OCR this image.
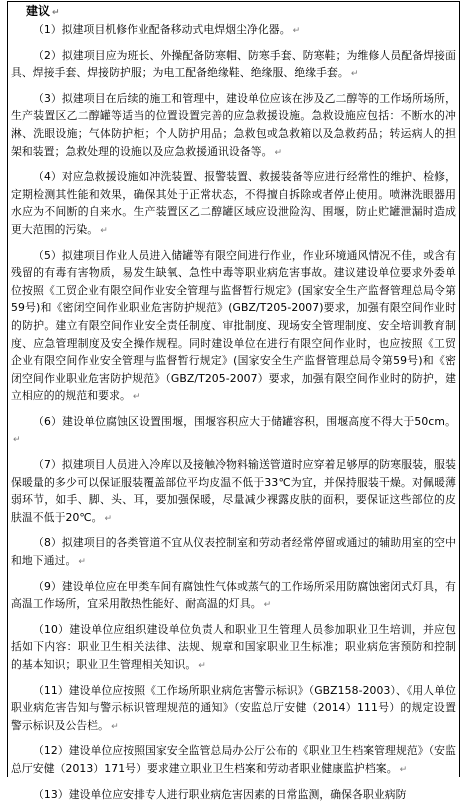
建议 ↵

（1）拟建项目机修作业配备移动式电焊烟尘净化器。 ↵

（2）拟建项目应为班长、外操配备防寒帽、防寒手套、防寒鞋；为维修人员配备焊接面具、焊接手套、焊接防护服；为电工配备绝缘鞋、绝缘服、绝缘手套。 ↵

（3）拟建项目在后续的施工和管理中，建设单位应该在涉及乙二醇等的工作场所场所，生产装置区乙二醇罐等适当的位置设置完善的应急救援设施。急救设施应包括：不断水的冲淋、洗眼设施；气体防护柜；个人防护用品；急救包或急救箱以及急救药品；转运病人的担架和装置；急救处理的设施以及应急救援通讯设备等。 ↵

（4）对应急救援设施如冲洗装置、报警装置、救援装备等应进行经常性的维护、检修，定期检测其性能和效果，确保其处于正常状态，不得擅自拆除或者停止使用。喷淋洗眼器用水应为不间断的自来水。生产装置区乙二醇罐区域应设泄险沟、围堰，防止贮罐泄漏时造成更大范围的污染。 ↵

（5）拟建项目作业人员进入储罐等有限空间进行作业，作业环境通风情况不佳，或含有残留的有毒有害物质，易发生缺氧、急性中毒等职业病危害事故。建议建设单位要求外委单位按照《工贸企业有限空间作业安全管理与监督暂行规定》(国家安全生产监督管理总局令第59号)和《密闭空间作业职业危害防护规范》(GBZ/T205-2007)要求，加强有限空间作业时的防护。建立有限空间作业安全责任制度、审批制度、现场安全管理制度、安全培训教育制度、应急管理制度及安全操作规程。同时建设单位在进行有限空间作业时，也应按照《工贸企业有限空间作业安全管理与监督暂行规定》(国家安全生产监督管理总局令第59号)和《密闭空间作业职业危害防护规范》（GBZ/T205-2007）要求，加强有限空间作业时的防护，建立相应的的规范和要求。 ↵

（6）建设单位腐蚀区设置围堰，围堰容积应大于储罐容积，围堰高度不得大于50cm。↵

（7）拟建项目人员进入冷库以及接触冷物料输送管道时应穿着足够厚的防寒服装，服装保暖量的多少可以保证服装覆盖部位平均皮温不低于33℃为宜，并保持服装干燥。对佩暖薄弱环节，如手、脚、头、耳，要加强保暖，尽量减少裸露皮肤的面积，要保证这些部位的皮肤温不低于20℃。 ↵

（8）拟建项目的各类管道不宜从仪表控制室和劳动者经常停留或通过的辅助用室的空中和地下通过。 ↵

（9）建设单位应在甲类车间有腐蚀性气体或蒸气的工作场所采用防腐蚀密闭式灯具，有高温工作场所，宜采用散热性能好、耐高温的灯具。 ↵

（10）建设单位应组织建设单位负责人和职业卫生管理人员参加职业卫生培训，并应包括如下内容：职业卫生相关法律、法规、规章和国家职业卫生标准；职业病危害预防和控制的基本知识；职业卫生管理相关知识。 ↵

（11）建设单位应按照《工作场所职业病危害警示标识》（GBZ158-2003）、《用人单位职业病危害告知与警示标识管理规范的通知》（安监总厅安健（2014）111号）的规定设置警示标识及公告栏。 ↵

（12）建设单位应按照国家安全监管总局办公厅公布的《职业卫生档案管理规范》（安监总厅安健（2013）171号）要求建立职业卫生档案和劳动者职业健康监护档案。 ↵

（13）建设单位应安排专人进行职业病危害因素的日常监测，确保各职业病防
